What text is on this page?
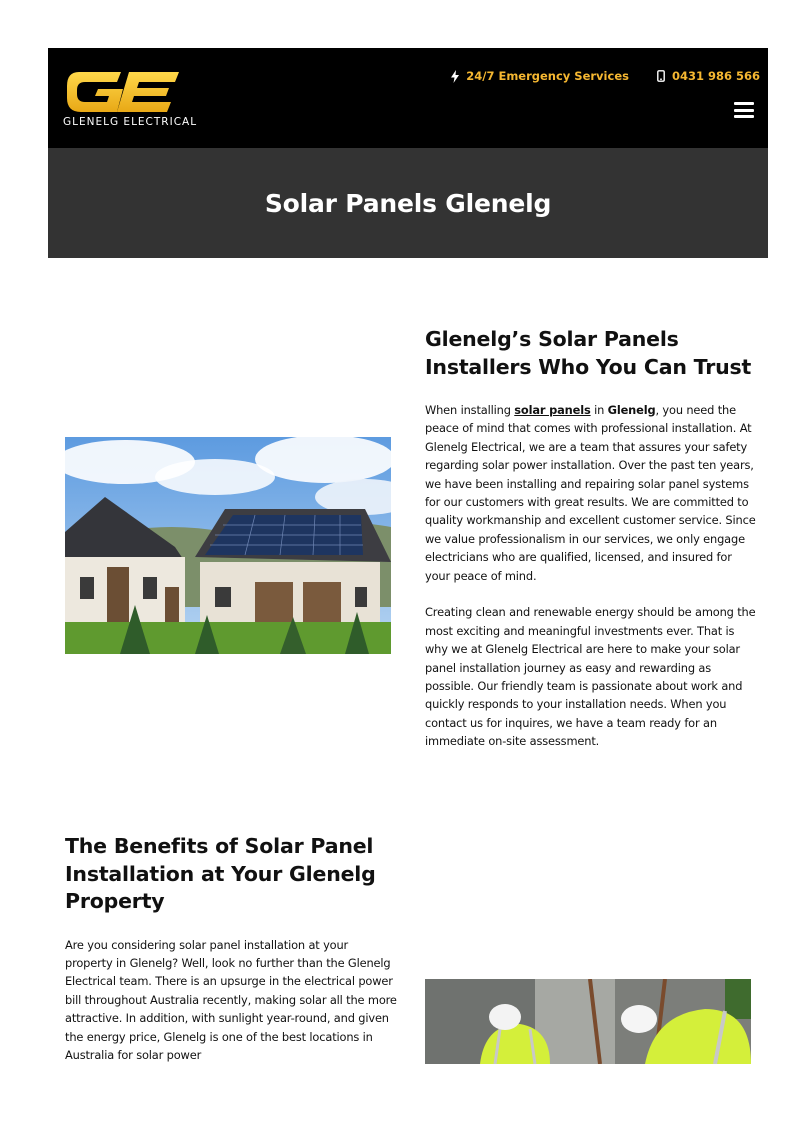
GLENELG ELECTRICAL
24/7 Emergency Services	0431 986 566
Solar Panels Glenelg
Glenelg’s Solar Panels Installers Who You Can Trust

When installing solar panels in Glenelg, you need the peace of mind that comes with professional installation. At Glenelg Electrical, we are a team that assures your safety regarding solar power installation. Over the past ten years, we have been installing and repairing solar panel systems for our customers with great results. We are committed to quality workmanship and excellent customer service. Since we value professionalism in our services, we only engage electricians who are qualified, licensed, and insured for your peace of mind.

Creating clean and renewable energy should be among the most exciting and meaningful investments ever. That is why we at Glenelg Electrical are here to make your solar panel installation journey as easy and rewarding as possible. Our friendly team is passionate about work and quickly responds to your installation needs. When you contact us for inquires, we have a team ready for an immediate on-site assessment.

The Benefits of Solar Panel Installation at Your Glenelg Property

Are you considering solar panel installation at your property in Glenelg? Well, look no further than the Glenelg Electrical team. There is an upsurge in the electrical power bill throughout Australia recently, making solar all the more attractive. In addition, with sunlight year-round, and given the energy price, Glenelg is one of the best locations in Australia for solar power
